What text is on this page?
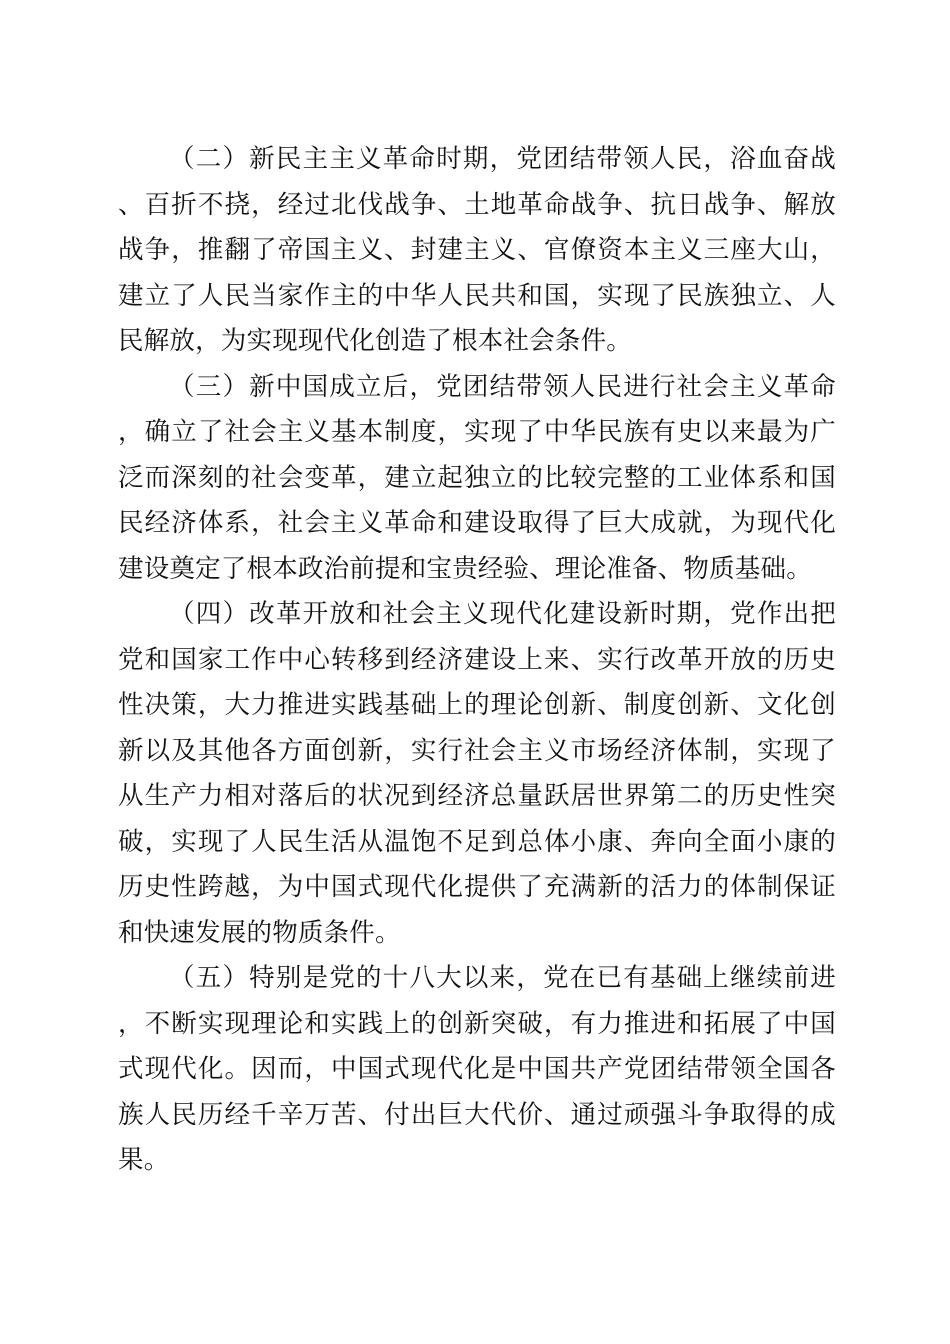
（二）新民主主义革命时期，党团结带领人民，浴血奋战、百折不挠，经过北伐战争、土地革命战争、抗日战争、解放战争，推翻了帝国主义、封建主义、官僚资本主义三座大山，建立了人民当家作主的中华人民共和国，实现了民族独立、人民解放，为实现现代化创造了根本社会条件。

（三）新中国成立后，党团结带领人民进行社会主义革命，确立了社会主义基本制度，实现了中华民族有史以来最为广泛而深刻的社会变革，建立起独立的比较完整的工业体系和国民经济体系，社会主义革命和建设取得了巨大成就，为现代化建设奠定了根本政治前提和宝贵经验、理论准备、物质基础。

（四）改革开放和社会主义现代化建设新时期，党作出把党和国家工作中心转移到经济建设上来、实行改革开放的历史性决策，大力推进实践基础上的理论创新、制度创新、文化创新以及其他各方面创新，实行社会主义市场经济体制，实现了从生产力相对落后的状况到经济总量跃居世界第二的历史性突破，实现了人民生活从温饱不足到总体小康、奔向全面小康的历史性跨越，为中国式现代化提供了充满新的活力的体制保证和快速发展的物质条件。

（五）特别是党的十八大以来，党在已有基础上继续前进，不断实现理论和实践上的创新突破，有力推进和拓展了中国式现代化。因而，中国式现代化是中国共产党团结带领全国各族人民历经千辛万苦、付出巨大代价、通过顽强斗争取得的成果。
